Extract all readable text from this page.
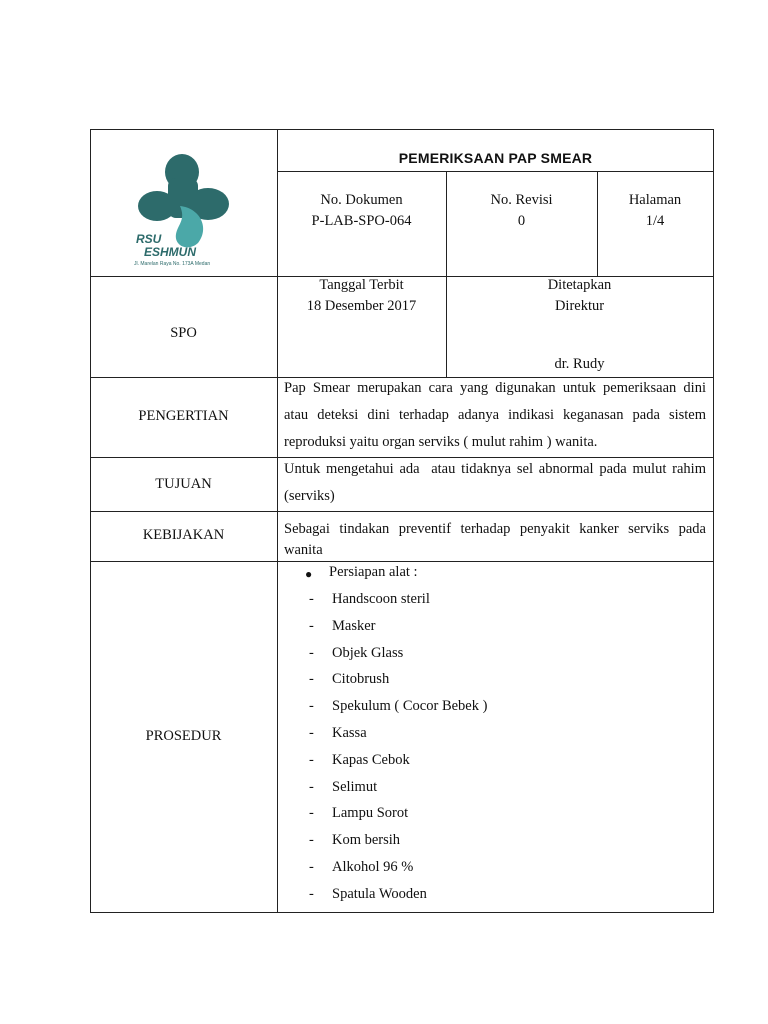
RSU
ESHMUN
Jl. Marelan Raya No. 173A Medan
PEMERIKSAAN PAP SMEAR
No. Dokumen
P-LAB-SPO-064
No. Revisi
0
Halaman
1/4
SPO
Tanggal Terbit
18 Desember 2017
Ditetapkan
Direktur
dr. Rudy
PENGERTIAN
Pap Smear merupakan cara yang digunakan untuk pemeriksaan dini
atau deteksi dini terhadap adanya indikasi keganasan pada sistem
reproduksi yaitu organ serviks ( mulut rahim ) wanita.
TUJUAN
Untuk mengetahui ada  atau tidaknya sel abnormal pada mulut rahim
(serviks)
KEBIJAKAN	Sebagai tindakan preventif terhadap penyakit kanker serviks pada
wanita
PROSEDUR
● Persiapan alat :
- Handscoon steril
- Masker
- Objek Glass
- Citobrush
- Spekulum ( Cocor Bebek )
- Kassa
- Kapas Cebok
- Selimut
- Lampu Sorot
- Kom bersih
- Alkohol 96 %
- Spatula Wooden
